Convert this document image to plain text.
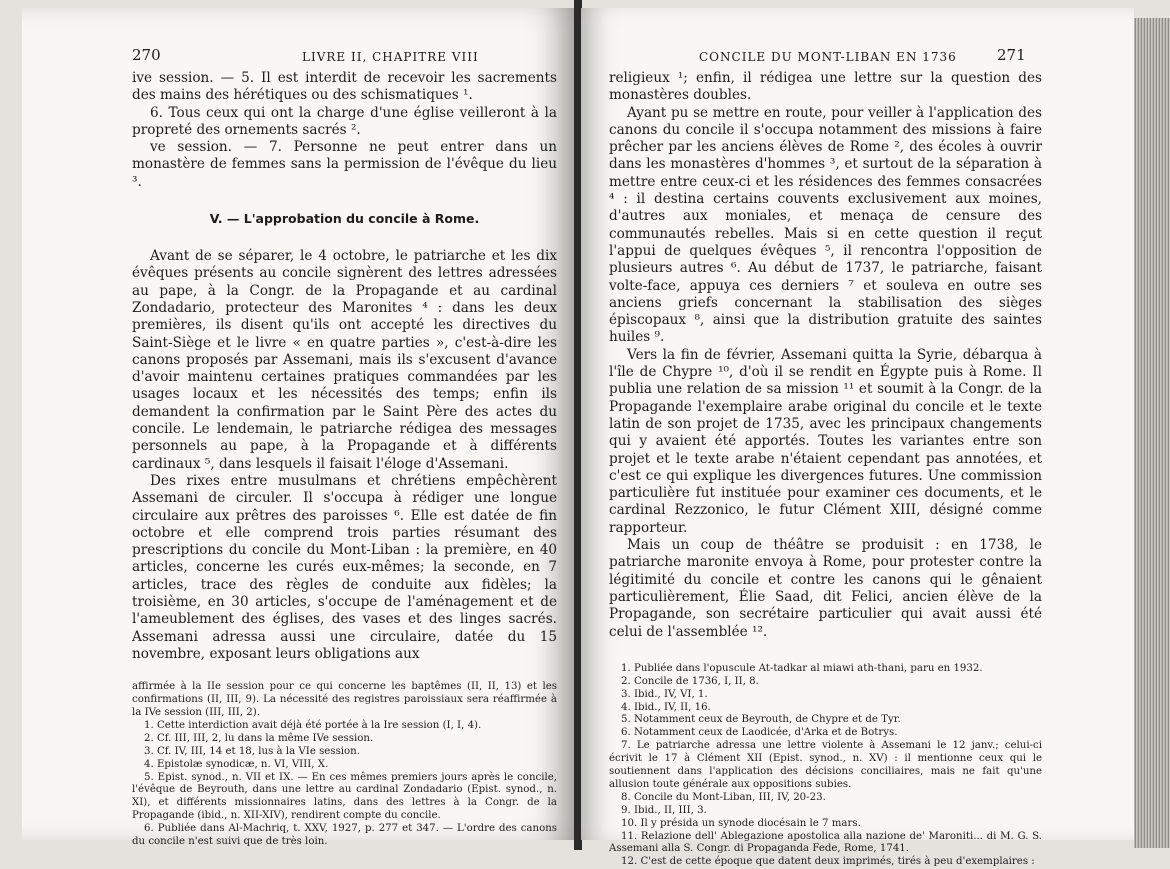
270	LIVRE II, CHAPITRE VIII

ive session. — 5. Il est interdit de recevoir les sacrements des mains des hérétiques ou des schismatiques ¹.

6. Tous ceux qui ont la charge d'une église veilleront à la propreté des ornements sacrés ².

ve session. — 7. Personne ne peut entrer dans un monastère de femmes sans la permission de l'évêque du lieu ³.

V. — L'approbation du concile à Rome.

Avant de se séparer, le 4 octobre, le patriarche et les dix évêques présents au concile signèrent des lettres adressées au pape, à la Congr. de la Propagande et au cardinal Zondadario, protecteur des Maronites ⁴ : dans les deux premières, ils disent qu'ils ont accepté les directives du Saint-Siège et le livre « en quatre parties », c'est-à-dire les canons proposés par Assemani, mais ils s'excusent d'avance d'avoir maintenu certaines pratiques commandées par les usages locaux et les nécessités des temps; enfin ils demandent la confirmation par le Saint Père des actes du concile. Le lendemain, le patriarche rédigea des messages personnels au pape, à la Propagande et à différents cardinaux ⁵, dans lesquels il faisait l'éloge d'Assemani.

Des rixes entre musulmans et chrétiens empêchèrent Assemani de circuler. Il s'occupa à rédiger une longue circulaire aux prêtres des paroisses ⁶. Elle est datée de fin octobre et elle comprend trois parties résumant des prescriptions du concile du Mont-Liban : la première, en 40 articles, concerne les curés eux-mêmes; la seconde, en 7 articles, trace des règles de conduite aux fidèles; la troisième, en 30 articles, s'occupe de l'aménagement et de l'ameublement des églises, des vases et des linges sacrés. Assemani adressa aussi une circulaire, datée du 15 novembre, exposant leurs obligations aux

affirmée à la IIe session pour ce qui concerne les baptêmes (II, II, 13) et les confirmations (II, III, 9). La nécessité des registres paroissiaux sera réaffirmée à la IVe session (III, III, 2).

1. Cette interdiction avait déjà été portée à la Ire session (I, I, 4).

2. Cf. III, III, 2, lu dans la même IVe session.

3. Cf. IV, III, 14 et 18, lus à la VIe session.

4. Epistolæ synodicæ, n. VI, VIII, X.

5. Epist. synod., n. VII et IX. — En ces mêmes premiers jours après le concile, l'évêque de Beyrouth, dans une lettre au cardinal Zondadario (Epist. synod., n. XI), et différents missionnaires latins, dans des lettres à la Congr. de la Propagande (ibid., n. XII-XIV), rendirent compte du concile.

6. Publiée dans Al-Machriq, t. XXV, 1927, p. 277 et 347. — L'ordre des canons du concile n'est suivi que de très loin.

CONCILE DU MONT-LIBAN EN 1736	271

religieux ¹; enfin, il rédigea une lettre sur la question des monastères doubles.

Ayant pu se mettre en route, pour veiller à l'application des canons du concile il s'occupa notamment des missions à faire prêcher par les anciens élèves de Rome ², des écoles à ouvrir dans les monastères d'hommes ³, et surtout de la séparation à mettre entre ceux-ci et les résidences des femmes consacrées ⁴ : il destina certains couvents exclusivement aux moines, d'autres aux moniales, et menaça de censure des communautés rebelles. Mais si en cette question il reçut l'appui de quelques évêques ⁵, il rencontra l'opposition de plusieurs autres ⁶. Au début de 1737, le patriarche, faisant volte-face, appuya ces derniers ⁷ et souleva en outre ses anciens griefs concernant la stabilisation des sièges épiscopaux ⁸, ainsi que la distribution gratuite des saintes huiles ⁹.

Vers la fin de février, Assemani quitta la Syrie, débarqua à l'île de Chypre ¹⁰, d'où il se rendit en Égypte puis à Rome. Il publia une relation de sa mission ¹¹ et soumit à la Congr. de la Propagande l'exemplaire arabe original du concile et le texte latin de son projet de 1735, avec les principaux changements qui y avaient été apportés. Toutes les variantes entre son projet et le texte arabe n'étaient cependant pas annotées, et c'est ce qui explique les divergences futures. Une commission particulière fut instituée pour examiner ces documents, et le cardinal Rezzonico, le futur Clément XIII, désigné comme rapporteur.

Mais un coup de théâtre se produisit : en 1738, le patriarche maronite envoya à Rome, pour protester contre la légitimité du concile et contre les canons qui le gênaient particulièrement, Élie Saad, dit Felici, ancien élève de la Propagande, son secrétaire particulier qui avait aussi été celui de l'assemblée ¹².

1. Publiée dans l'opuscule At-tadkar al miawi ath-thani, paru en 1932.

2. Concile de 1736, I, II, 8.

3. Ibid., IV, VI, 1.

4. Ibid., IV, II, 16.

5. Notamment ceux de Beyrouth, de Chypre et de Tyr.

6. Notamment ceux de Laodicée, d'Arka et de Botrys.

7. Le patriarche adressa une lettre violente à Assemani le 12 janv.; celui-ci écrivit le 17 à Clément XII (Epist. synod., n. XV) : il mentionne ceux qui le soutiennent dans l'application des décisions conciliaires, mais ne fait qu'une allusion toute générale aux oppositions subies.

8. Concile du Mont-Liban, III, IV, 20-23.

9. Ibid., II, III, 3.

10. Il y présida un synode diocésain le 7 mars.

11. Relazione dell' Ablegazione apostolica alla nazione de' Maroniti... di M. G. S. Assemani alla S. Congr. di Propaganda Fede, Rome, 1741.

12. C'est de cette époque que datent deux imprimés, tirés à peu d'exemplaires :
